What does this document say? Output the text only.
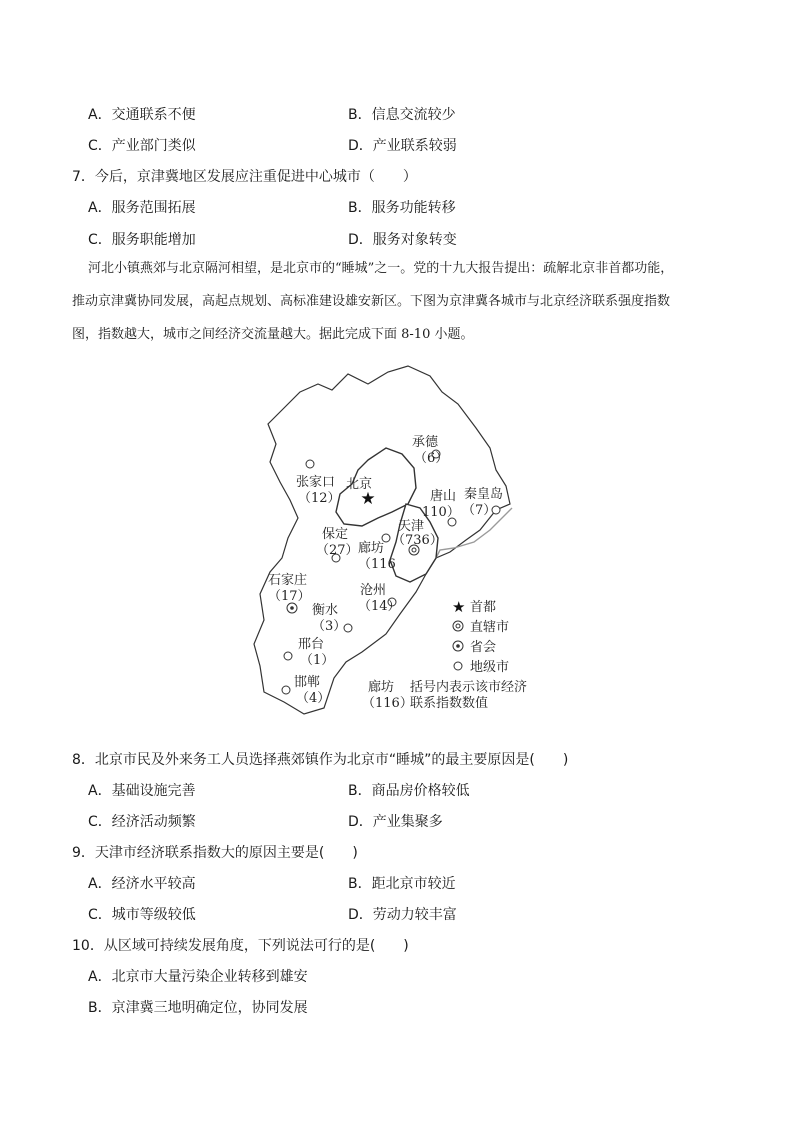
A．交通联系不便	B．信息交流较少
C．产业部门类似	D．产业联系较弱
7．今后，京津冀地区发展应注重促进中心城市（　　）
A．服务范围拓展	B．服务功能转移
C．服务职能增加	D．服务对象转变
河北小镇燕郊与北京隔河相望，是北京市的“睡城”之一。党的十九大报告提出：疏解北京非首都功能，
推动京津冀协同发展，高起点规划、高标准建设雄安新区。下图为京津冀各城市与北京经济联系强度指数
图，指数越大，城市之间经济交流量越大。据此完成下面 8-10 小题。
★
承德
（6）
张家口
（12）
北京
唐山
110）
秦皇岛
（7）
天津
（736）
保定
（27） 廊坊
（116
石家庄
（17）	沧州
（14）
衡水
（3）
邢台
（1）
邯郸
（4）
★ 首都
直辖市
省会
地级市
廊坊 括号内表示该市经济
（116）
联系指数数值
8．北京市民及外来务工人员选择燕郊镇作为北京市“睡城”的最主要原因是(　　)
A．基础设施完善	B．商品房价格较低
C．经济活动频繁	D．产业集聚多
9．天津市经济联系指数大的原因主要是(　　)
A．经济水平较高	B．距北京市较近
C．城市等级较低	D．劳动力较丰富
10．从区域可持续发展角度，下列说法可行的是(　　)
A．北京市大量污染企业转移到雄安
B．京津冀三地明确定位，协同发展
